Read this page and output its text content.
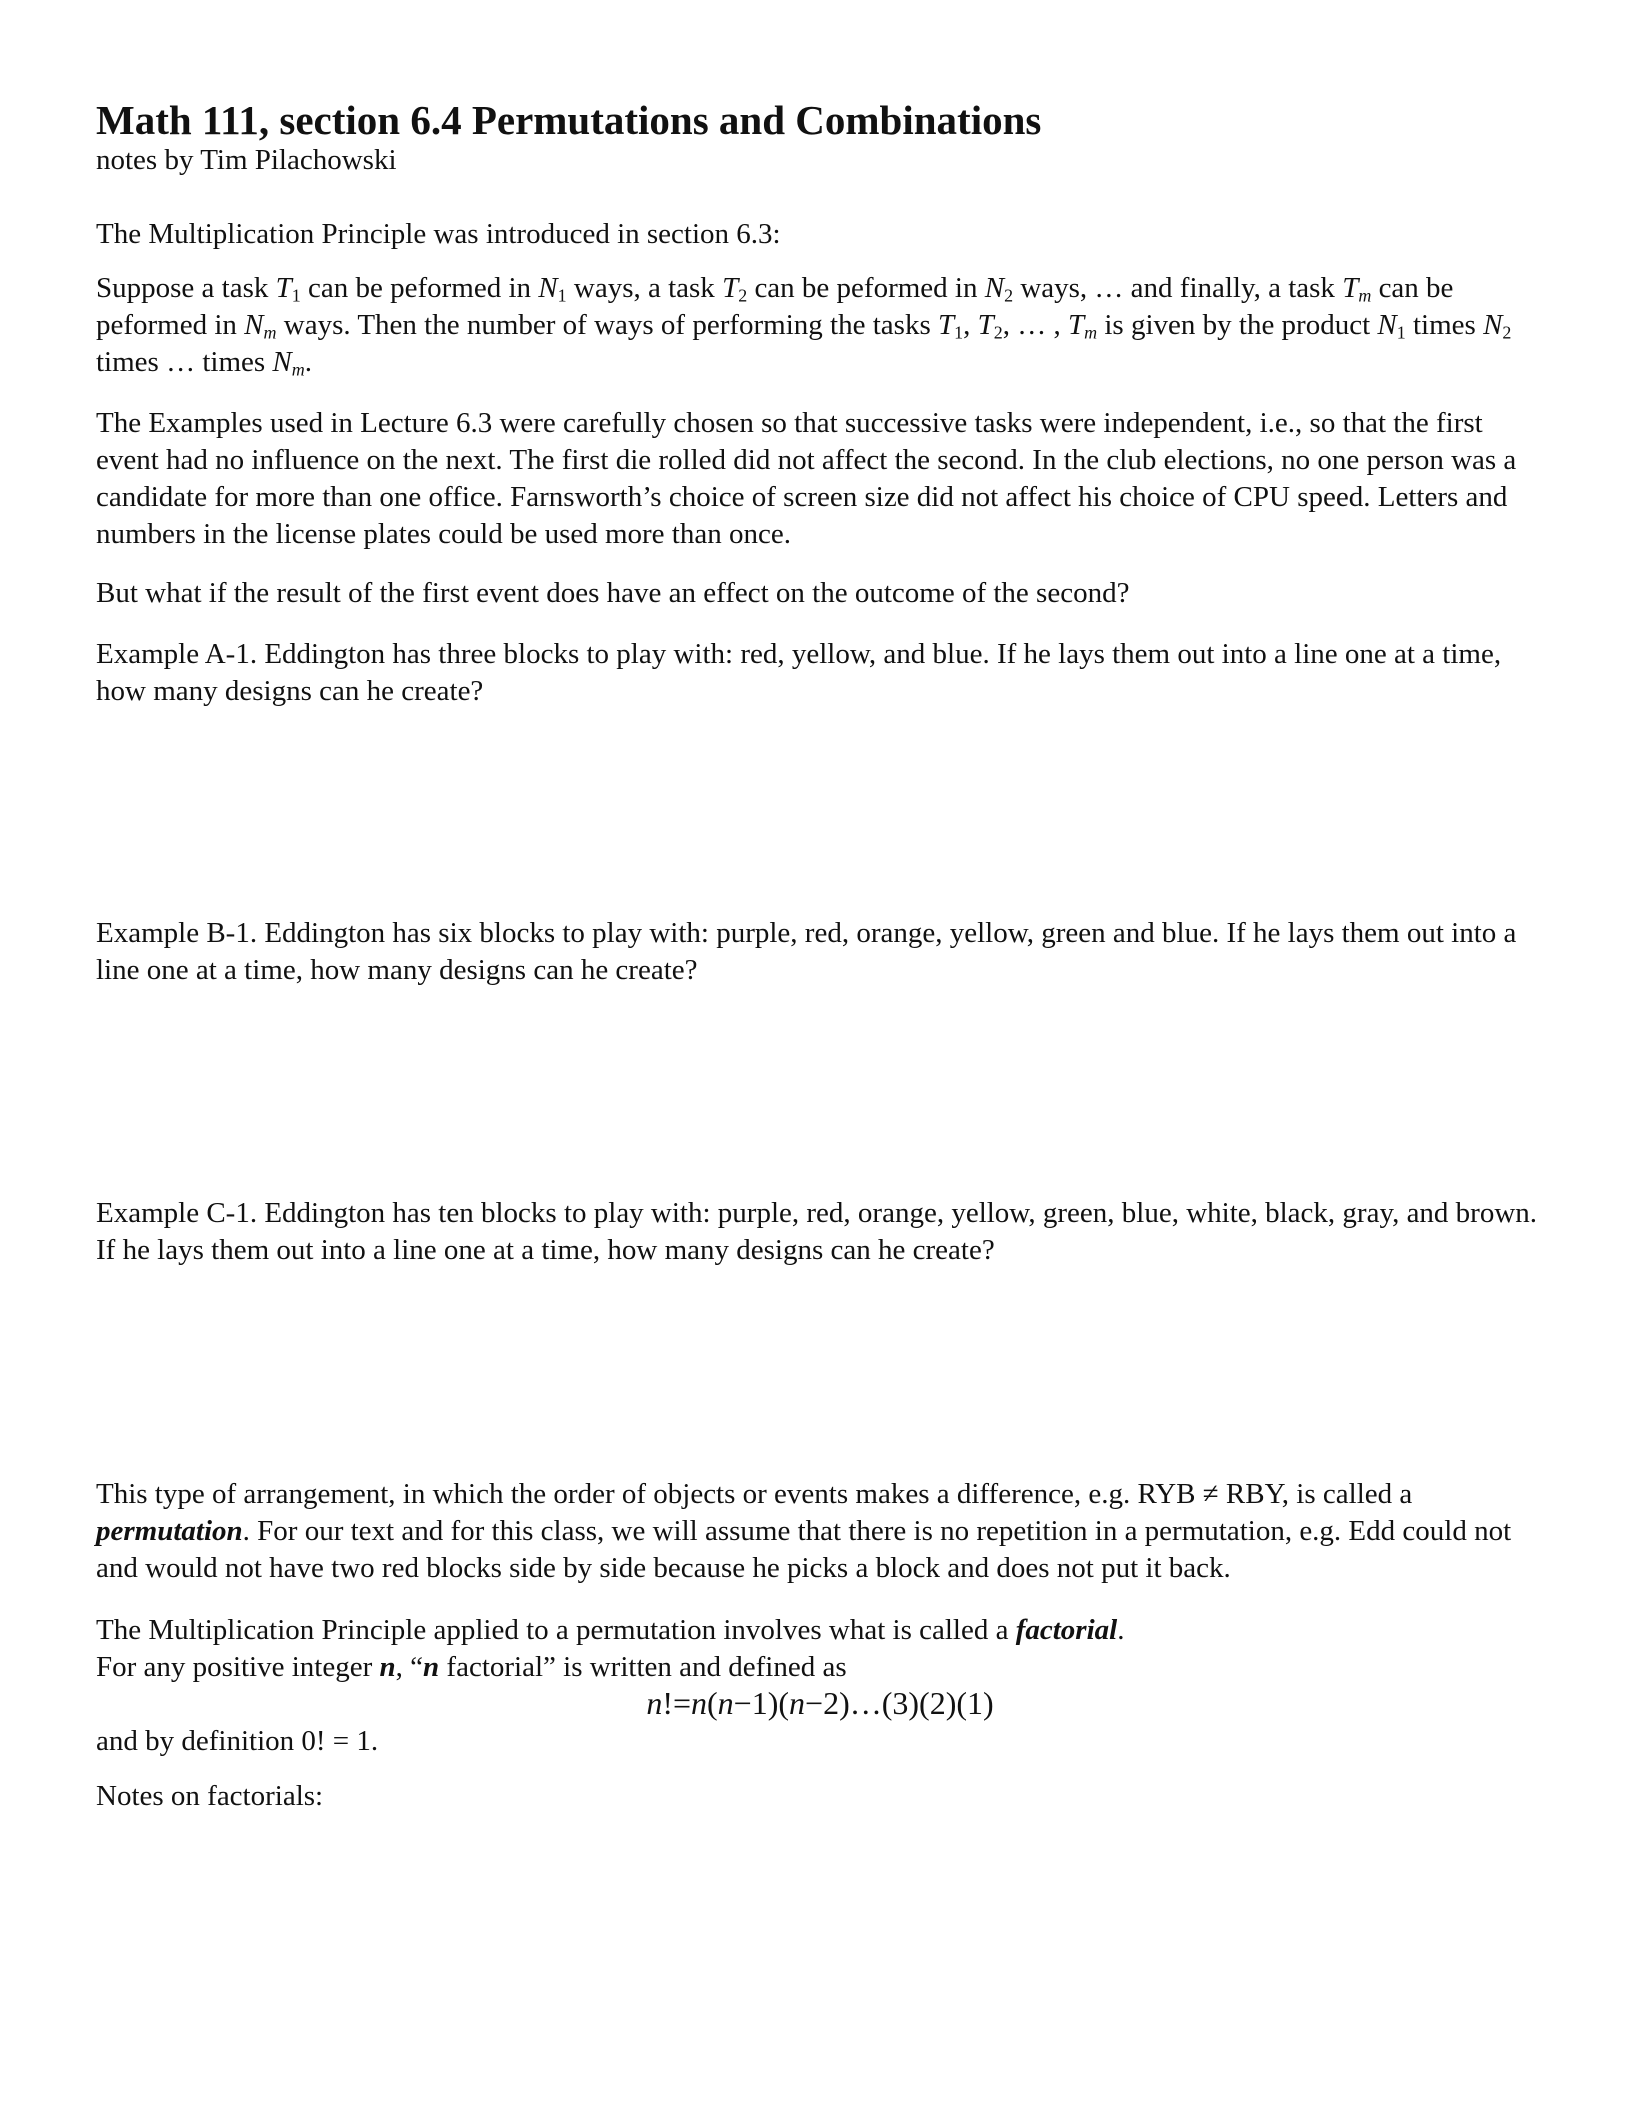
Math 111, section 6.4 Permutations and Combinations
notes by Tim Pilachowski
The Multiplication Principle was introduced in section 6.3:
Suppose a task $T_1$ can be peformed in $N_1$ ways, a task $T_2$ can be peformed in $N_2$ ways, … and finally, a task $T_m$ can be peformed in $N_m$ ways. Then the number of ways of performing the tasks $T_1$, $T_2$, … , $T_m$ is given by the product $N_1$ times $N_2$ times … times $N_m$.
The Examples used in Lecture 6.3 were carefully chosen so that successive tasks were independent, i.e., so that the first event had no influence on the next. The first die rolled did not affect the second. In the club elections, no one person was a candidate for more than one office. Farnsworth’s choice of screen size did not affect his choice of CPU speed. Letters and numbers in the license plates could be used more than once.
But what if the result of the first event does have an effect on the outcome of the second?
Example A-1. Eddington has three blocks to play with: red, yellow, and blue. If he lays them out into a line one at a time, how many designs can he create?
Example B-1. Eddington has six blocks to play with: purple, red, orange, yellow, green and blue. If he lays them out into a line one at a time, how many designs can he create?
Example C-1. Eddington has ten blocks to play with: purple, red, orange, yellow, green, blue, white, black, gray, and brown. If he lays them out into a line one at a time, how many designs can he create?
This type of arrangement, in which the order of objects or events makes a difference, e.g. RYB ≠ RBY, is called a permutation. For our text and for this class, we will assume that there is no repetition in a permutation, e.g. Edd could not and would not have two red blocks side by side because he picks a block and does not put it back.
The Multiplication Principle applied to a permutation involves what is called a factorial.
For any positive integer n, “n factorial” is written and defined as
n!=n(n−1)(n−2)…(3)(2)(1)
and by definition 0! = 1.
Notes on factorials:
